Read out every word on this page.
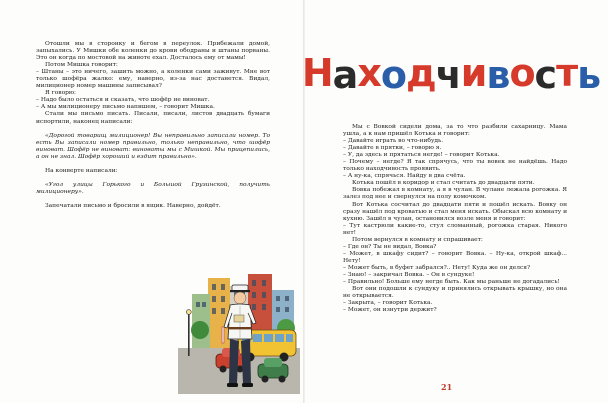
Отошли мы в сторонку и бегом в переулок. Прибежали домой, запыхались. У Мишки обе коленки до крови ободраны и штаны порваны. Это он когда по мостовой на животе ехал. Досталось ему от мамы!

Потом Мишка говорит:

– Штаны – это ничего, зашить можно, а коленки сами заживут. Мне вот только шофёра жалко: ему, наверно, из-за нас достанется. Видал, милиционер номер машины записывал?

Я говорю:

– Надо было остаться и сказать, что шофёр не виноват.

– А мы милиционеру письмо напишем, – говорит Мишка.

Стали мы письмо писать. Писали, писали, листов двадцать бумаги испортили, наконец написали:

«Дорогой товарищ милиционер! Вы неправильно записали номер. То есть Вы записали номер правильно, только неправильно, что шофёр виноват. Шофёр не виноват: виноваты мы с Мишкой. Мы прицепились, а он не знал. Шофёр хороший и ездит правильно».

На конверте написали:

«Угол улицы Горького и Большой Грузинской, получить милиционеру».

Запечатали письмо и бросили в ящик. Наверно, дойдёт.

Находчивость

Мы с Вовкой сидели дома, за то что разбили сахарницу. Мама ушла, а к нам пришёл Котька и говорит:

– Давайте играть во что-нибудь.

– Давайте в прятки, – говорю я.

– У, да здесь и прятаться негде! – говорит Котька.

– Почему – негде? Я так спрячусь, что ты вовек не найдёшь. Надо только находчивость проявить.

– А ну-ка, спрячься. Найду в два счёта.

Котька пошёл в коридор и стал считать до двадцати пяти.

Вовка побежал в комнату, а я в чулан. В чулане лежала рогожка. Я залез под нее и свернулся на полу комочком.

Вот Котька сосчитал до двадцати пяти и пошёл искать. Вовку он сразу нашёл под кроватью и стал меня искать. Обыскал всю комнату и кухню. Зашёл в чулан, остановился возле меня и говорит:

– Тут кастрюли какие-то, стул сломанный, рогожка старая. Никого нет!

Потом вернулся в комнату и спрашивает:

– Где он? Ты не видал, Вовка?

– Может, в шкафу сидит? – говорит Вовка. – Ну-ка, открой шкаф... Нету!

– Может быть, в буфет забрался?.. Нету! Куда же он делся?

– Знаю! – закричал Вовка. – Он в сундуке!

– Правильно! Больше ему негде быть. Как мы раньше не догадались!

Вот они подошли к сундуку и принялись открывать крышку, но она не открывается.

– Закрыта, – говорит Котька.

– Может, он изнутри держит?

21
